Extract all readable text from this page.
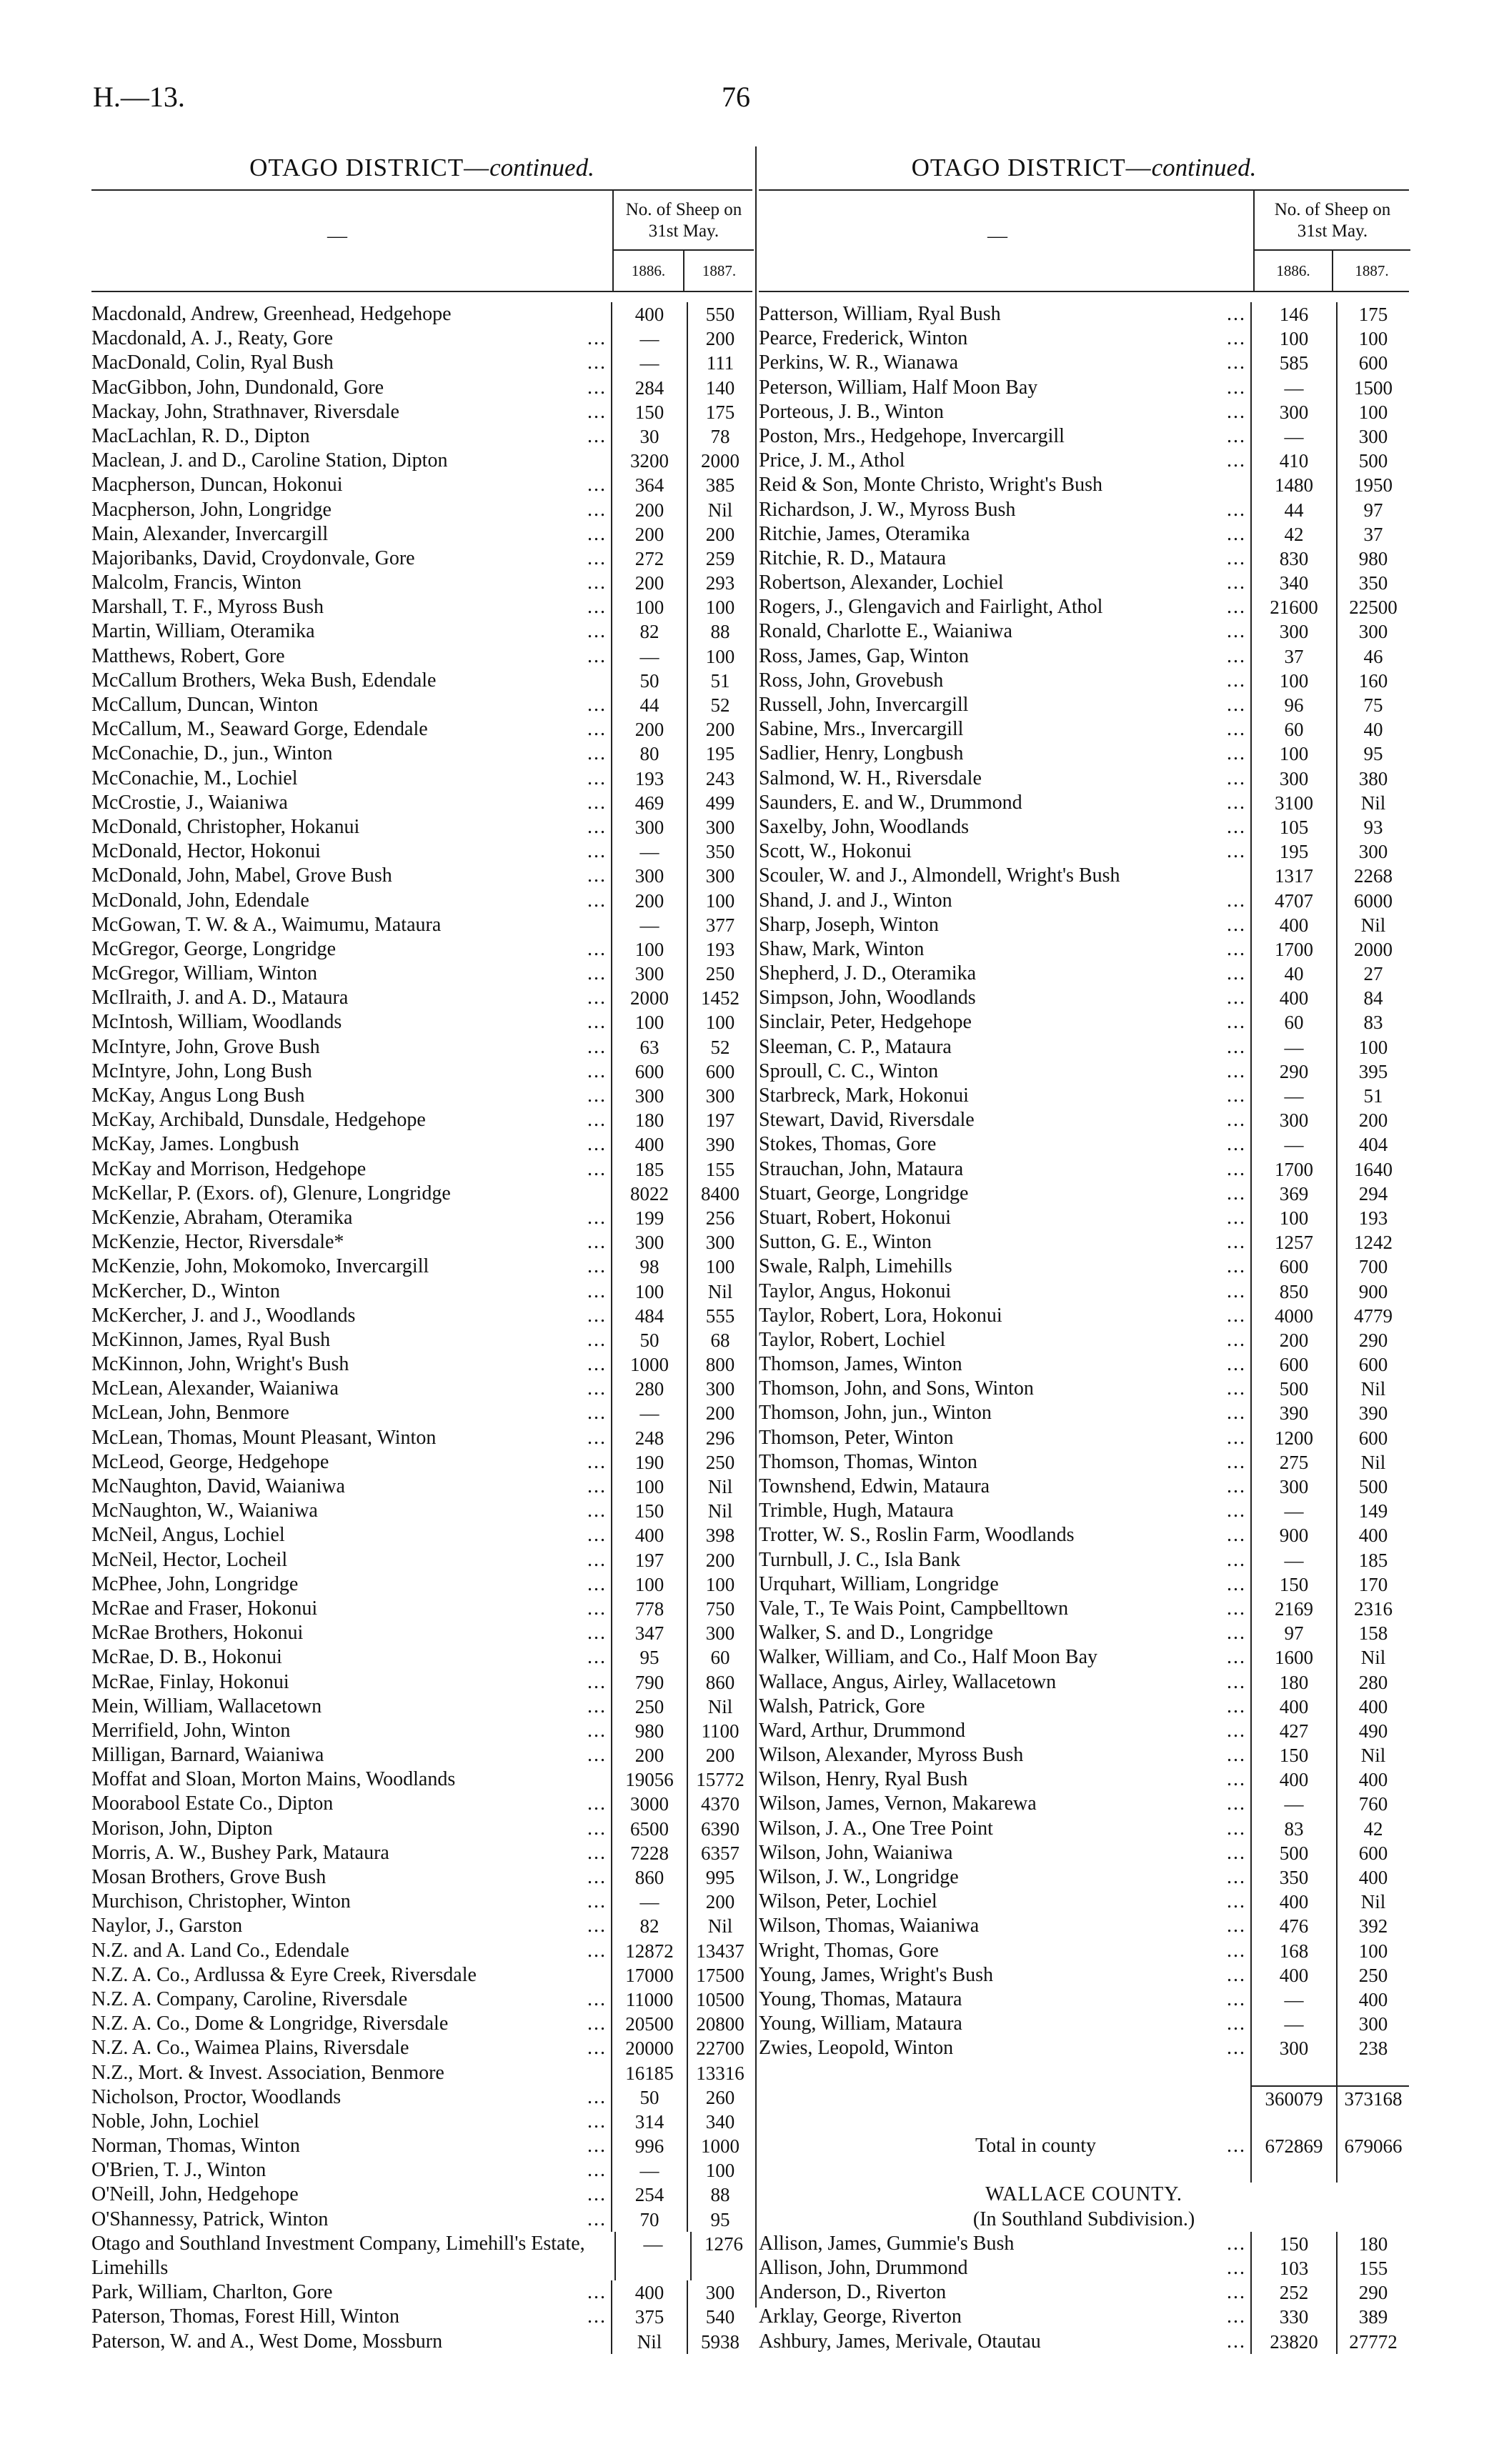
H.—13.	76
OTAGO DISTRICT—continued.
—
No. of Sheep on
31st May.
1886.	1887.
Macdonald, Andrew, Greenhead, Hedgehope	400	550
Macdonald, A. J., Reaty, Gore	...	—	200
MacDonald, Colin, Ryal Bush	...	—	111
MacGibbon, John, Dundonald, Gore	...	284	140
Mackay, John, Strathnaver, Riversdale	...	150	175
MacLachlan, R. D., Dipton	...	30	78
Maclean, J. and D., Caroline Station, Dipton	3200	2000
Macpherson, Duncan, Hokonui	...	364	385
Macpherson, John, Longridge	...	200	Nil
Main, Alexander, Invercargill	...	200	200
Majoribanks, David, Croydonvale, Gore	...	272	259
Malcolm, Francis, Winton	...	200	293
Marshall, T. F., Myross Bush	...	100	100
Martin, William, Oteramika	...	82	88
Matthews, Robert, Gore	...	—	100
McCallum Brothers, Weka Bush, Edendale	50	51
McCallum, Duncan, Winton	...	44	52
McCallum, M., Seaward Gorge, Edendale	...	200	200
McConachie, D., jun., Winton	...	80	195
McConachie, M., Lochiel	...	193	243
McCrostie, J., Waianiwa	...	469	499
McDonald, Christopher, Hokanui	...	300	300
McDonald, Hector, Hokonui	...	—	350
McDonald, John, Mabel, Grove Bush	...	300	300
McDonald, John, Edendale	...	200	100
McGowan, T. W. & A., Waimumu, Mataura	—	377
McGregor, George, Longridge	...	100	193
McGregor, William, Winton	...	300	250
McIlraith, J. and A. D., Mataura	...	2000	1452
McIntosh, William, Woodlands	...	100	100
McIntyre, John, Grove Bush	...	63	52
McIntyre, John, Long Bush	...	600	600
McKay, Angus Long Bush	...	300	300
McKay, Archibald, Dunsdale, Hedgehope	...	180	197
McKay, James. Longbush	...	400	390
McKay and Morrison, Hedgehope	...	185	155
McKellar, P. (Exors. of), Glenure, Longridge	8022	8400
McKenzie, Abraham, Oteramika	...	199	256
McKenzie, Hector, Riversdale*	...	300	300
McKenzie, John, Mokomoko, Invercargill	...	98	100
McKercher, D., Winton	...	100	Nil
McKercher, J. and J., Woodlands	...	484	555
McKinnon, James, Ryal Bush	...	50	68
McKinnon, John, Wright's Bush	...	1000	800
McLean, Alexander, Waianiwa	...	280	300
McLean, John, Benmore	...	—	200
McLean, Thomas, Mount Pleasant, Winton	...	248	296
McLeod, George, Hedgehope	...	190	250
McNaughton, David, Waianiwa	...	100	Nil
McNaughton, W., Waianiwa	...	150	Nil
McNeil, Angus, Lochiel	...	400	398
McNeil, Hector, Locheil	...	197	200
McPhee, John, Longridge	...	100	100
McRae and Fraser, Hokonui	...	778	750
McRae Brothers, Hokonui	...	347	300
McRae, D. B., Hokonui	...	95	60
McRae, Finlay, Hokonui	...	790	860
Mein, William, Wallacetown	...	250	Nil
Merrifield, John, Winton	...	980	1100
Milligan, Barnard, Waianiwa	...	200	200
Moffat and Sloan, Morton Mains, Woodlands	19056	15772
Moorabool Estate Co., Dipton	...	3000	4370
Morison, John, Dipton	...	6500	6390
Morris, A. W., Bushey Park, Mataura	...	7228	6357
Mosan Brothers, Grove Bush	...	860	995
Murchison, Christopher, Winton	...	—	200
Naylor, J., Garston	...	82	Nil
N.Z. and A. Land Co., Edendale	... 12872	13437
N.Z. A. Co., Ardlussa & Eyre Creek, Riversdale	17000	17500
N.Z. A. Company, Caroline, Riversdale	... 11000	10500
N.Z. A. Co., Dome & Longridge, Riversdale	... 20500	20800
N.Z. A. Co., Waimea Plains, Riversdale	... 20000	22700
N.Z., Mort. & Invest. Association, Benmore	16185	13316
Nicholson, Proctor, Woodlands	...	50	260
Noble, John, Lochiel	...	314	340
Norman, Thomas, Winton	...	996	1000
O'Brien, T. J., Winton	...	—	100
O'Neill, John, Hedgehope	...	254	88
O'Shannessy, Patrick, Winton	...	70	95
Otago and Southland Investment Company, Limehill's Estate, Limehills
—	1276
Park, William, Charlton, Gore	...	400	300
Paterson, Thomas, Forest Hill, Winton	...	375	540
Paterson, W. and A., West Dome, Mossburn	Nil	5938
OTAGO DISTRICT—continued.
—
No. of Sheep on
31st May.
1886.	1887.
Patterson, William, Ryal Bush	...	146	175
Pearce, Frederick, Winton	...	100	100
Perkins, W. R., Wianawa	...	585	600
Peterson, William, Half Moon Bay	...	—	1500
Porteous, J. B., Winton	...	300	100
Poston, Mrs., Hedgehope, Invercargill	...	—	300
Price, J. M., Athol	...	410	500
Reid & Son, Monte Christo, Wright's Bush	1480	1950
Richardson, J. W., Myross Bush	...	44	97
Ritchie, James, Oteramika	...	42	37
Ritchie, R. D., Mataura	...	830	980
Robertson, Alexander, Lochiel	...	340	350
Rogers, J., Glengavich and Fairlight, Athol	...	21600	22500
Ronald, Charlotte E., Waianiwa	...	300	300
Ross, James, Gap, Winton	...	37	46
Ross, John, Grovebush	...	100	160
Russell, John, Invercargill	...	96	75
Sabine, Mrs., Invercargill	...	60	40
Sadlier, Henry, Longbush	...	100	95
Salmond, W. H., Riversdale	...	300	380
Saunders, E. and W., Drummond	...	3100	Nil
Saxelby, John, Woodlands	...	105	93
Scott, W., Hokonui	...	195	300
Scouler, W. and J., Almondell, Wright's Bush	1317	2268
Shand, J. and J., Winton	...	4707	6000
Sharp, Joseph, Winton	...	400	Nil
Shaw, Mark, Winton	...	1700	2000
Shepherd, J. D., Oteramika	...	40	27
Simpson, John, Woodlands	...	400	84
Sinclair, Peter, Hedgehope	...	60	83
Sleeman, C. P., Mataura	...	—	100
Sproull, C. C., Winton	...	290	395
Starbreck, Mark, Hokonui	...	—	51
Stewart, David, Riversdale	...	300	200
Stokes, Thomas, Gore	...	—	404
Strauchan, John, Mataura	...	1700	1640
Stuart, George, Longridge	...	369	294
Stuart, Robert, Hokonui	...	100	193
Sutton, G. E., Winton	...	1257	1242
Swale, Ralph, Limehills	...	600	700
Taylor, Angus, Hokonui	...	850	900
Taylor, Robert, Lora, Hokonui	...	4000	4779
Taylor, Robert, Lochiel	...	200	290
Thomson, James, Winton	...	600	600
Thomson, John, and Sons, Winton	...	500	Nil
Thomson, John, jun., Winton	...	390	390
Thomson, Peter, Winton	...	1200	600
Thomson, Thomas, Winton	...	275	Nil
Townshend, Edwin, Mataura	...	300	500
Trimble, Hugh, Mataura	...	—	149
Trotter, W. S., Roslin Farm, Woodlands	...	900	400
Turnbull, J. C., Isla Bank	...	—	185
Urquhart, William, Longridge	...	150	170
Vale, T., Te Wais Point, Campbelltown	...	2169	2316
Walker, S. and D., Longridge	...	97	158
Walker, William, and Co., Half Moon Bay	...	1600	Nil
Wallace, Angus, Airley, Wallacetown	...	180	280
Walsh, Patrick, Gore	...	400	400
Ward, Arthur, Drummond	...	427	490
Wilson, Alexander, Myross Bush	...	150	Nil
Wilson, Henry, Ryal Bush	...	400	400
Wilson, James, Vernon, Makarewa	...	—	760
Wilson, J. A., One Tree Point	...	83	42
Wilson, John, Waianiwa	...	500	600
Wilson, J. W., Longridge	...	350	400
Wilson, Peter, Lochiel	...	400	Nil
Wilson, Thomas, Waianiwa	...	476	392
Wright, Thomas, Gore	...	168	100
Young, James, Wright's Bush	...	400	250
Young, Thomas, Mataura	...	—	400
Young, William, Mataura	...	—	300
Zwies, Leopold, Winton	...	300	238
360079	373168
Total in county	... 672869	679066
WALLACE COUNTY.
(In Southland Subdivision.)
Allison, James, Gummie's Bush	...	150	180
Allison, John, Drummond	...	103	155
Anderson, D., Riverton	...	252	290
Arklay, George, Riverton	...	330	389
Ashbury, James, Merivale, Otautau	...	23820	27772
